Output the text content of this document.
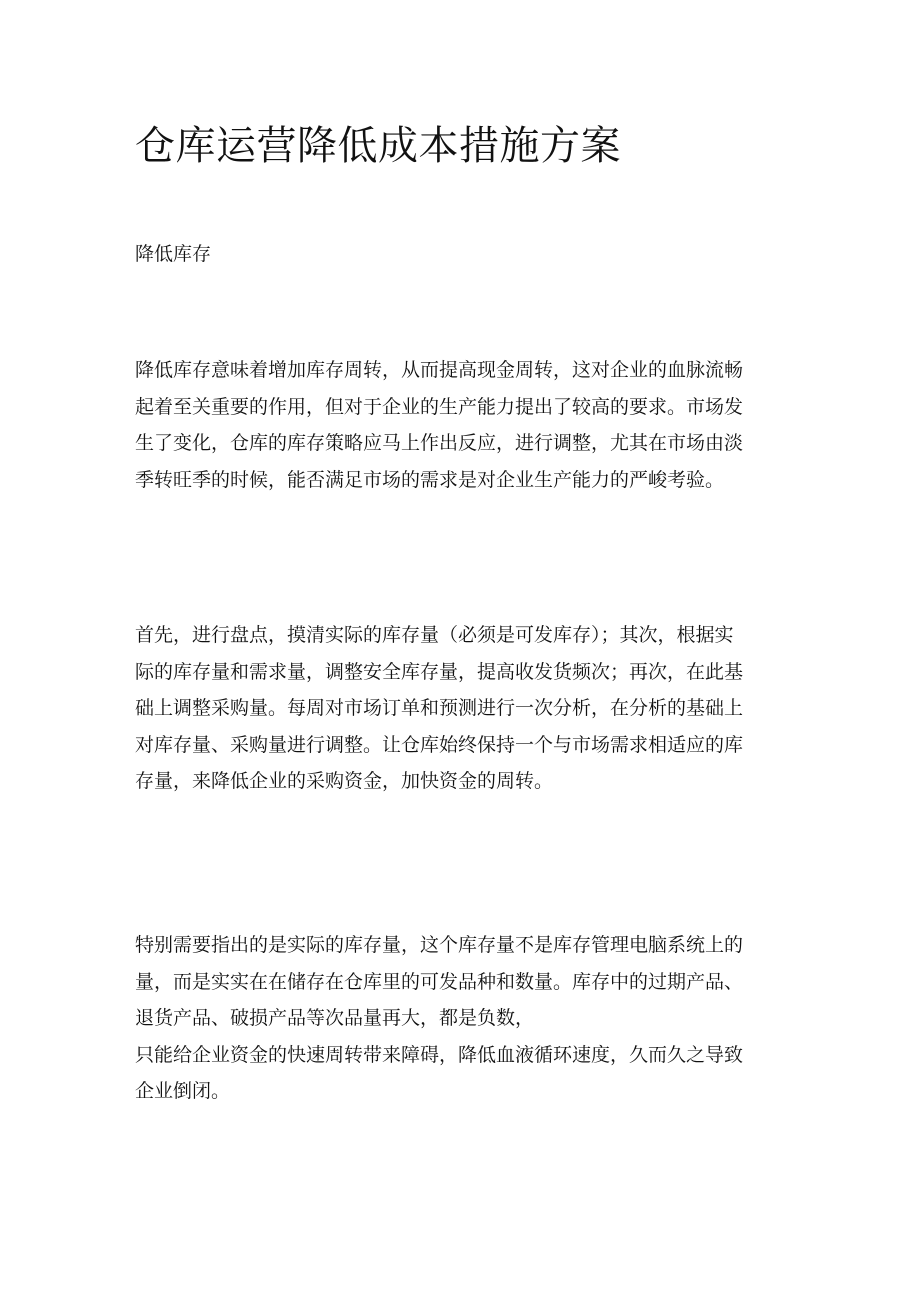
仓库运营降低成本措施方案
降低库存
降低库存意味着增加库存周转，从而提高现金周转，这对企业的血脉流畅
起着至关重要的作用，但对于企业的生产能力提出了较高的要求。市场发
生了变化，仓库的库存策略应马上作出反应，进行调整，尤其在市场由淡
季转旺季的时候，能否满足市场的需求是对企业生产能力的严峻考验。
首先，进行盘点，摸清实际的库存量（必须是可发库存）；其次，根据实
际的库存量和需求量，调整安全库存量，提高收发货频次；再次，在此基
础上调整采购量。每周对市场订单和预测进行一次分析，在分析的基础上
对库存量、采购量进行调整。让仓库始终保持一个与市场需求相适应的库
存量，来降低企业的采购资金，加快资金的周转。
特别需要指出的是实际的库存量，这个库存量不是库存管理电脑系统上的
量，而是实实在在储存在仓库里的可发品种和数量。库存中的过期产品、
退货产品、破损产品等次品量再大，都是负数，
只能给企业资金的快速周转带来障碍，降低血液循环速度，久而久之导致
企业倒闭。
